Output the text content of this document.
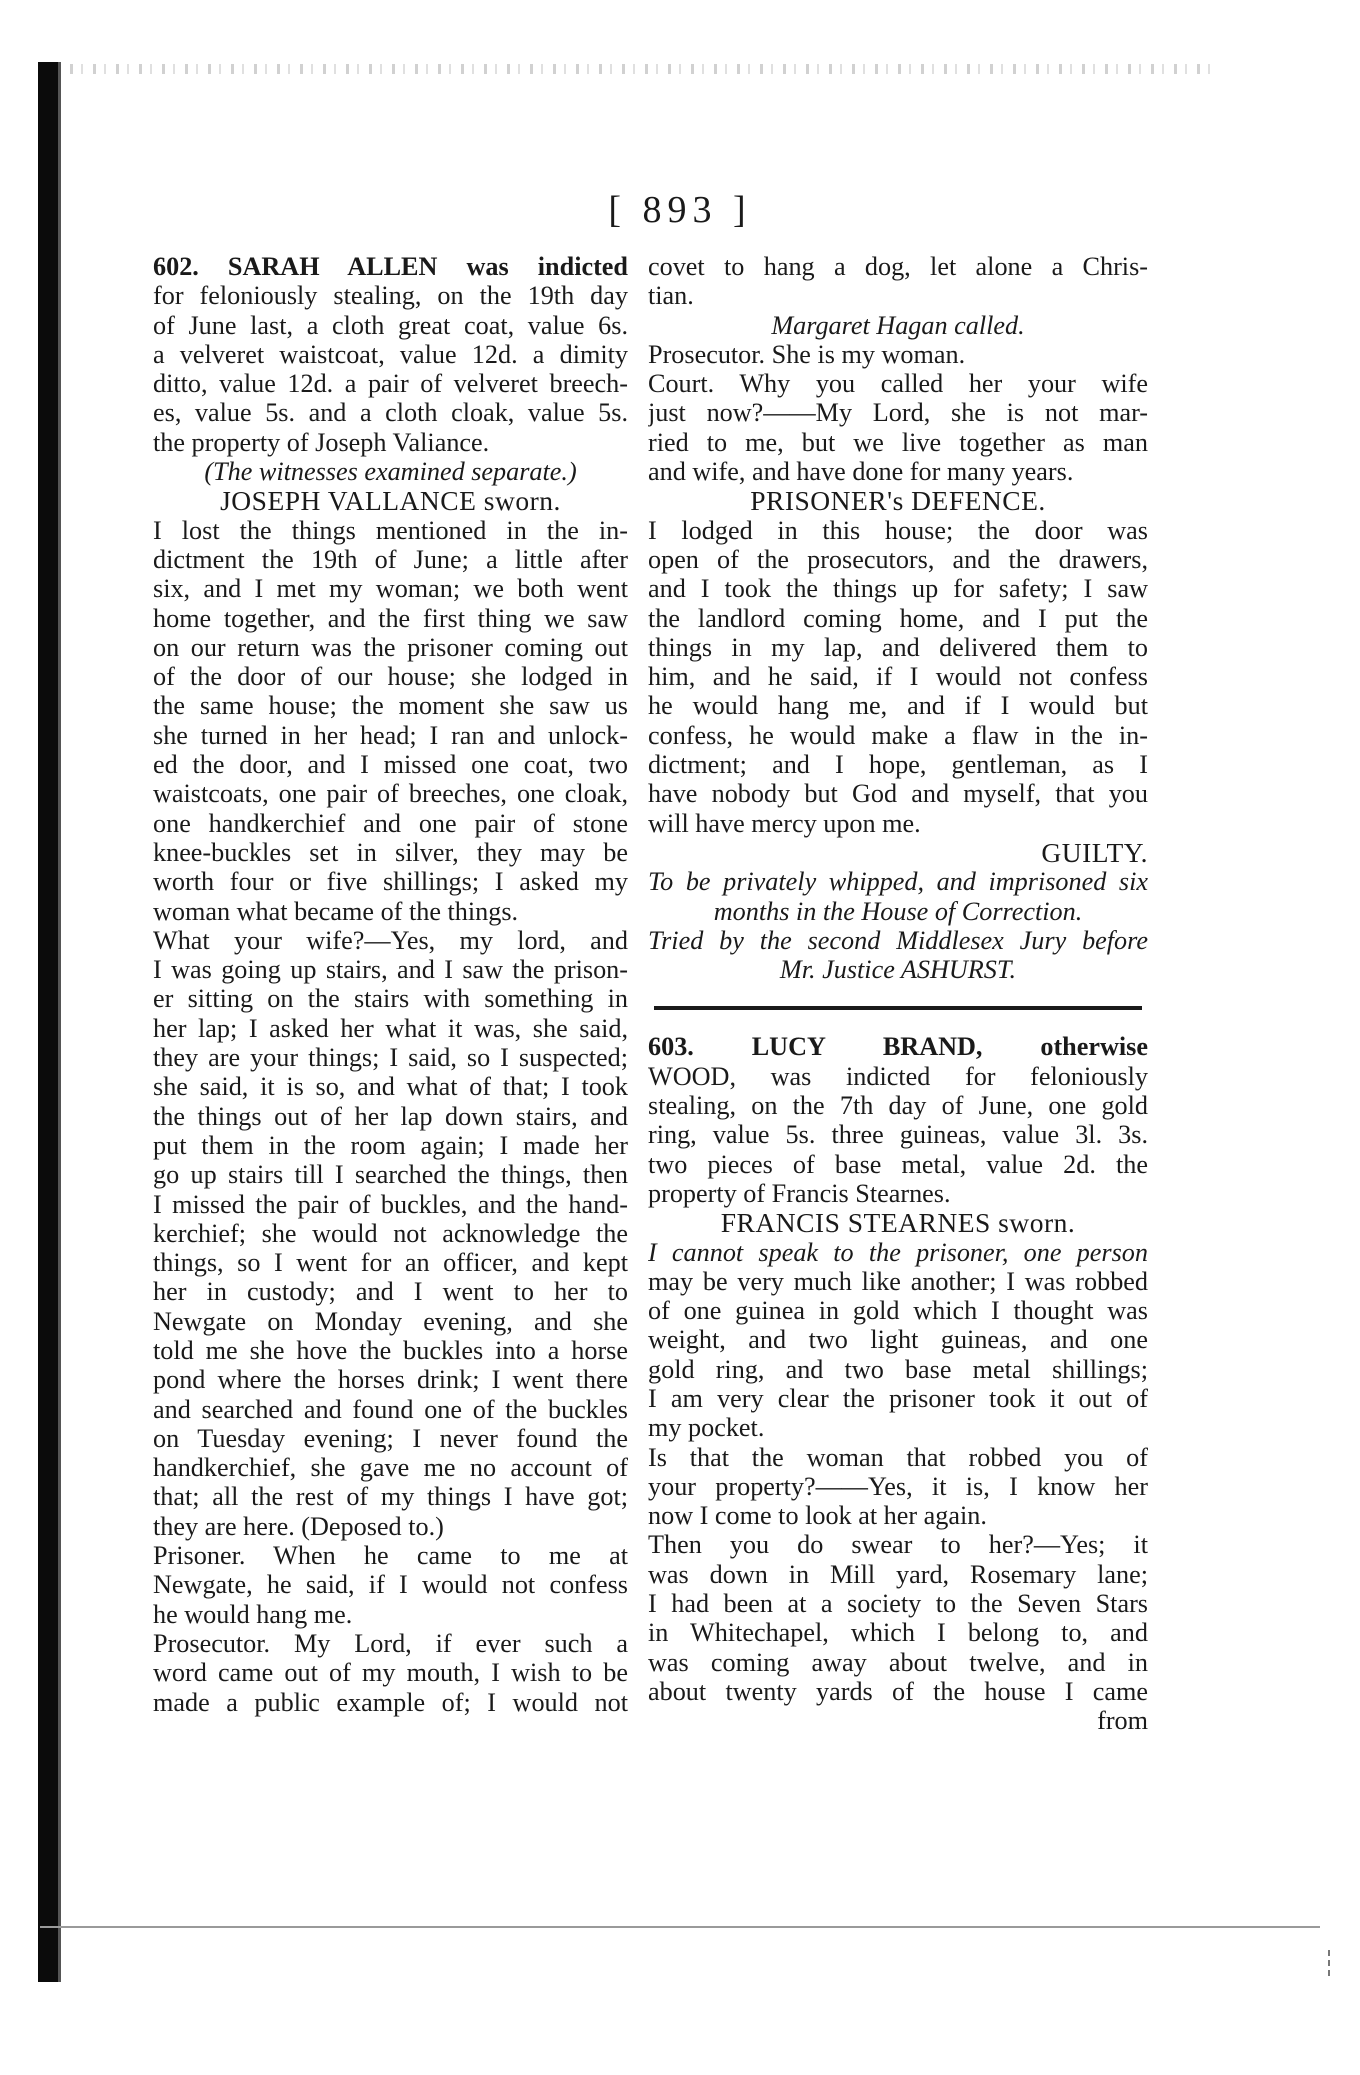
[ 893 ]
602. SARAH ALLEN was indicted
for feloniously stealing, on the 19th day
of June last, a cloth great coat, value 6s.
a velveret waistcoat, value 12d. a dimity
ditto, value 12d. a pair of velveret breech-
es, value 5s. and a cloth cloak, value 5s.
the property of Joseph Valiance.
(The witnesses examined separate.)
JOSEPH VALLANCE sworn.
I lost the things mentioned in the in-
dictment the 19th of June; a little after
six, and I met my woman; we both went
home together, and the first thing we saw
on our return was the prisoner coming out
of the door of our house; she lodged in
the same house; the moment she saw us
she turned in her head; I ran and unlock-
ed the door, and I missed one coat, two
waistcoats, one pair of breeches, one cloak,
one handkerchief and one pair of stone
knee-buckles set in silver, they may be
worth four or five shillings; I asked my
woman what became of the things.
What your wife?—Yes, my lord, and
I was going up stairs, and I saw the prison-
er sitting on the stairs with something in
her lap; I asked her what it was, she said,
they are your things; I said, so I suspected;
she said, it is so, and what of that; I took
the things out of her lap down stairs, and
put them in the room again; I made her
go up stairs till I searched the things, then
I missed the pair of buckles, and the hand-
kerchief; she would not acknowledge the
things, so I went for an officer, and kept
her in custody; and I went to her to
Newgate on Monday evening, and she
told me she hove the buckles into a horse
pond where the horses drink; I went there
and searched and found one of the buckles
on Tuesday evening; I never found the
handkerchief, she gave me no account of
that; all the rest of my things I have got;
they are here. (Deposed to.)
Prisoner. When he came to me at
Newgate, he said, if I would not confess
he would hang me.
Prosecutor. My Lord, if ever such a
word came out of my mouth, I wish to be
made a public example of; I would not
covet to hang a dog, let alone a Chris-
tian.
Margaret Hagan called.
Prosecutor. She is my woman.
Court. Why you called her your wife
just now?——My Lord, she is not mar-
ried to me, but we live together as man
and wife, and have done for many years.
PRISONER's DEFENCE.
I lodged in this house; the door was
open of the prosecutors, and the drawers,
and I took the things up for safety; I saw
the landlord coming home, and I put the
things in my lap, and delivered them to
him, and he said, if I would not confess
he would hang me, and if I would but
confess, he would make a flaw in the in-
dictment; and I hope, gentleman, as I
have nobody but God and myself, that you
will have mercy upon me.
GUILTY.
To be privately whipped, and imprisoned six
months in the House of Correction.
Tried by the second Middlesex Jury before
Mr. Justice ASHURST.
603. LUCY BRAND, otherwise
WOOD, was indicted for feloniously
stealing, on the 7th day of June, one gold
ring, value 5s. three guineas, value 3l. 3s.
two pieces of base metal, value 2d. the
property of Francis Stearnes.
FRANCIS STEARNES sworn.
I cannot speak to the prisoner, one person
may be very much like another; I was robbed
of one guinea in gold which I thought was
weight, and two light guineas, and one
gold ring, and two base metal shillings;
I am very clear the prisoner took it out of
my pocket.
Is that the woman that robbed you of
your property?——Yes, it is, I know her
now I come to look at her again.
Then you do swear to her?—Yes; it
was down in Mill yard, Rosemary lane;
I had been at a society to the Seven Stars
in Whitechapel, which I belong to, and
was coming away about twelve, and in
about twenty yards of the house I came
from
